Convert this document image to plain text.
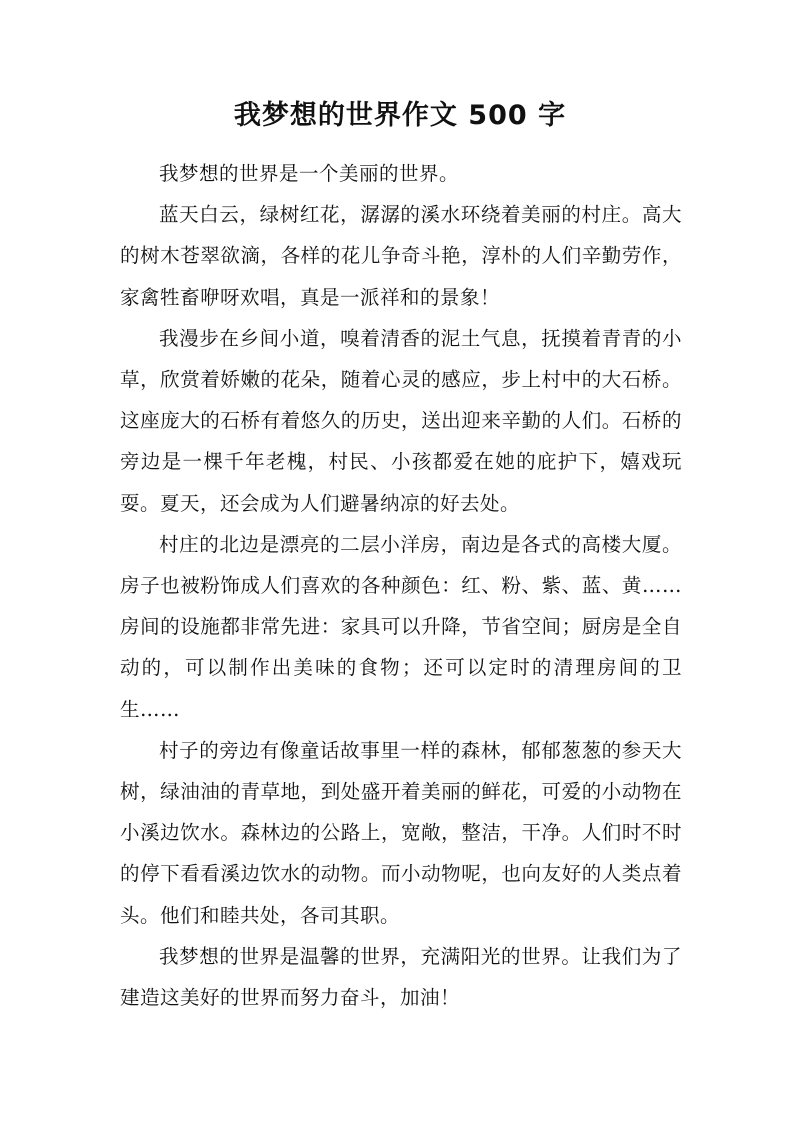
我梦想的世界作文 500 字

我梦想的世界是一个美丽的世界。

蓝天白云，绿树红花，潺潺的溪水环绕着美丽的村庄。高大的树木苍翠欲滴，各样的花儿争奇斗艳，淳朴的人们辛勤劳作，家禽牲畜咿呀欢唱，真是一派祥和的景象！

我漫步在乡间小道，嗅着清香的泥土气息，抚摸着青青的小草，欣赏着娇嫩的花朵，随着心灵的感应，步上村中的大石桥。这座庞大的石桥有着悠久的历史，送出迎来辛勤的人们。石桥的旁边是一棵千年老槐，村民、小孩都爱在她的庇护下，嬉戏玩耍。夏天，还会成为人们避暑纳凉的好去处。

村庄的北边是漂亮的二层小洋房，南边是各式的高楼大厦。房子也被粉饰成人们喜欢的各种颜色：红、粉、紫、蓝、黄……房间的设施都非常先进：家具可以升降，节省空间；厨房是全自动的，可以制作出美味的食物；还可以定时的清理房间的卫生……

村子的旁边有像童话故事里一样的森林，郁郁葱葱的参天大树，绿油油的青草地，到处盛开着美丽的鲜花，可爱的小动物在小溪边饮水。森林边的公路上，宽敞，整洁，干净。人们时不时的停下看看溪边饮水的动物。而小动物呢，也向友好的人类点着头。他们和睦共处，各司其职。

我梦想的世界是温馨的世界，充满阳光的世界。让我们为了建造这美好的世界而努力奋斗，加油！
